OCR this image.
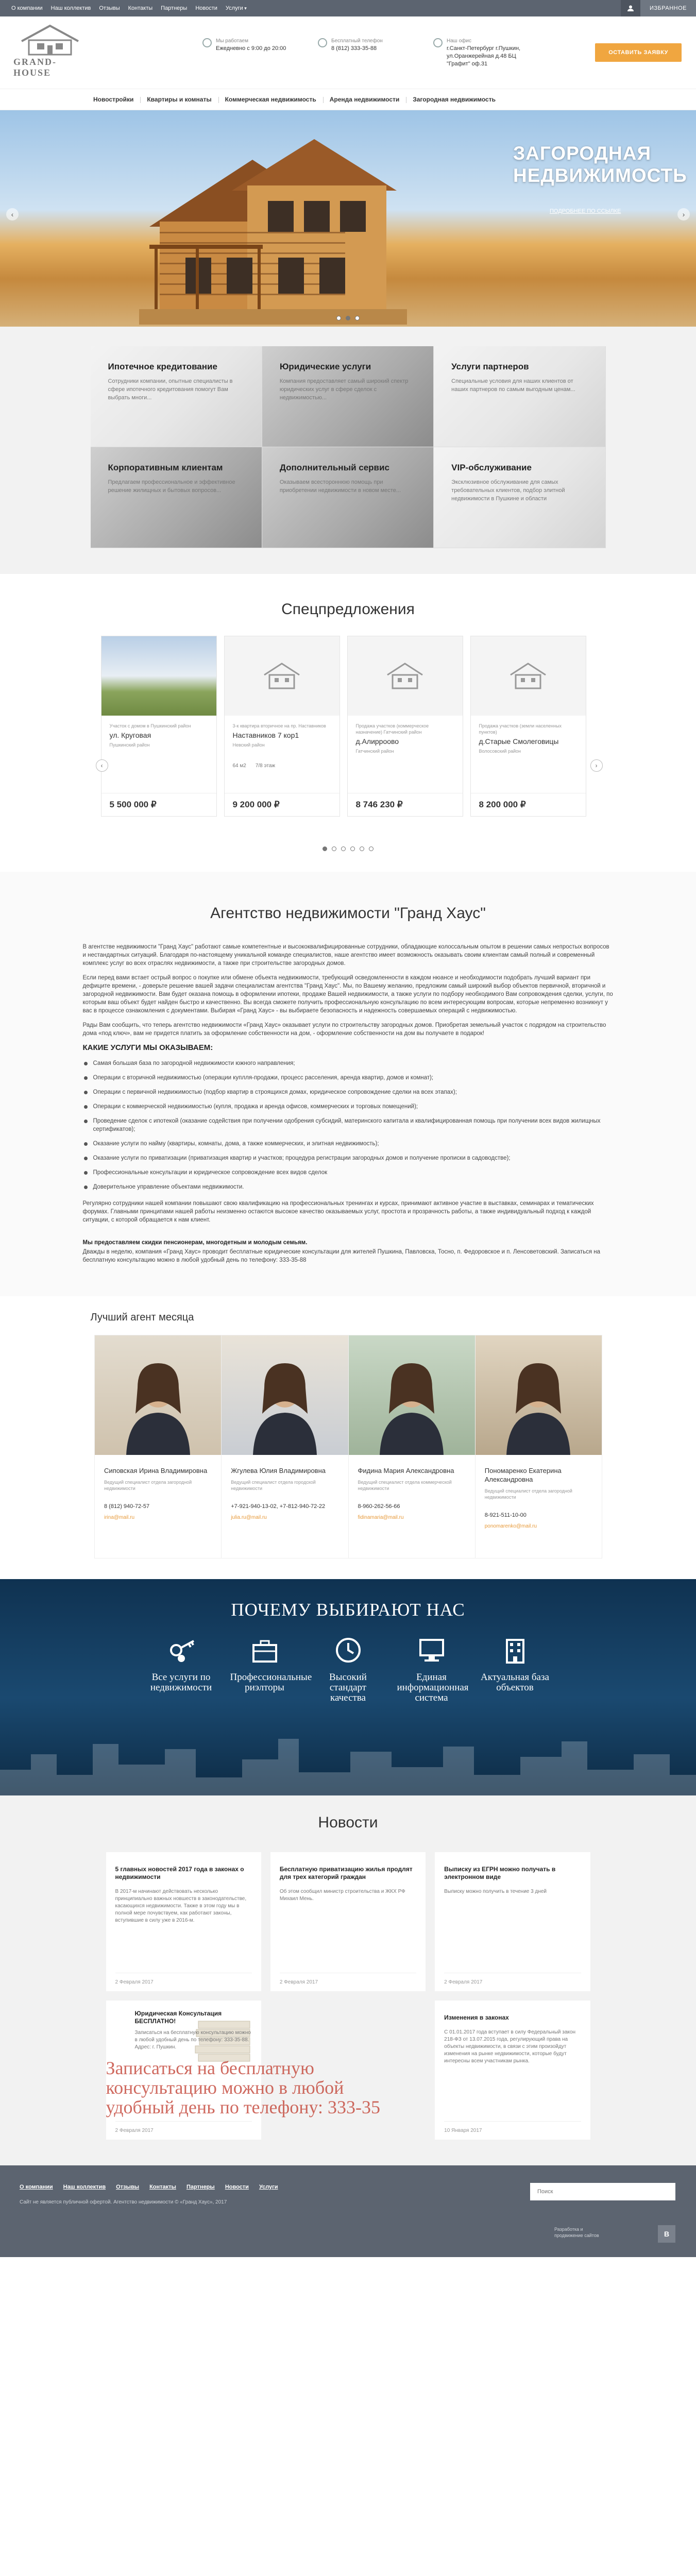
О компании	Наш коллектив	Отзывы	Контакты	Партнеры	Новости	Услуги ▾	ИЗБРАННОЕ
GRAND-HOUSE
Мы работаем
Ежедневно с 9:00 до 20:00
Бесплатный телефон
8 (812) 333-35-88
Наш офис
г.Санкт-Петербург г.Пушкин, ул.Оранжерейная д.48 БЦ "Графит" оф.31
ОСТАВИТЬ ЗАЯВКУ
Новостройки	Квартиры и комнаты	Коммерческая недвижимость	Аренда недвижимости	Загородная недвижимость
ЗАГОРОДНАЯ
НЕДВИЖИМОСТЬ
ПОДРОБНЕЕ ПО ССЫЛКЕ
‹	›
Ипотечное кредитование
Сотрудники компании, опытные специалисты в сфере ипотечного кредитования помогут Вам выбрать многи...
Юридические услуги
Компания предоставляет самый широкий спектр юридических услуг в сфере сделок с недвижимостью...
Услуги партнеров
Специальные условия для наших клиентов от наших партнеров по самым выгодным ценам...
Корпоративным клиентам
Предлагаем профессиональное и эффективное решение жилищных и бытовых вопросов...
Дополнительный сервис
Оказываем всестороннюю помощь при приобретении недвижимости в новом месте...
VIP-обслуживание
Эксклюзивное обслуживание для самых требовательных клиентов, подбор элитной недвижимости в Пушкине и области
Спецпредложения
Участок с домом в Пушкинский район
ул. Круговая
Пушкинский район
5 500 000 ₽
3-к квартира вторичное на пр. Наставников
Наставников 7 кор1
Невский район
64 м2 7/8 этаж
9 200 000 ₽
Продажа участков (коммерческое назначение) Гатчинский район
д.Алиpроово
Гатчинский район
8 746 230 ₽
Продажа участков (земли населенных пунктов)
д.Старые Смолеговицы
Волосовский район
8 200 000 ₽
‹	›
Агентство недвижимости "Гранд Хаус"

В агентстве недвижимости "Гранд Хаус" работают самые компетентные и высококвалифицированные сотрудники, обладающие колоссальным опытом в решении самых непростых вопросов и нестандартных ситуаций. Благодаря по-настоящему уникальной команде специалистов, наше агентство имеет возможность оказывать своим клиентам самый полный и современный комплекс услуг во всех отраслях недвижимости, а также при строительстве загородных домов.

Если перед вами встает острый вопрос о покупке или обмене объекта недвижимости, требующий осведомленности в каждом нюансе и необходимости подобрать лучший вариант при дефиците времени, - доверьте решение вашей задачи специалистам агентства "Гранд Хаус". Мы, по Вашему желанию, предложим самый широкий выбор объектов первичной, вторичной и загородной недвижимости. Вам будет оказана помощь в оформлении ипотеки, продаже Вашей недвижимости, а также услуги по подбору необходимого Вам сопровождения сделки, услуги, по которым ваш объект будет найден быстро и качественно. Вы всегда сможете получить профессиональную консультацию по всем интересующим вопросам, которые непременно возникнут у вас в процессе ознакомления с документами. Выбирая «Гранд Хаус» - вы выбираете безопасность и надежность совершаемых операций с недвижимостью.

Рады Вам сообщить, что теперь агентство недвижимости «Гранд Хаус» оказывает услуги по строительству загородных домов. Приобретая земельный участок с подрядом на строительство дома «под ключ», вам не придется платить за оформление собственности на дом, - оформление собственности на дом вы получаете в подарок!

КАКИЕ УСЛУГИ МЫ ОКАЗЫВАЕМ:
Самая большая база по загородной недвижимости южного направления;
Операции с вторичной недвижимостью (операции куплля-продажи, процесс расселения, аренда квартир, домов и комнат);
Операции с первичной недвижимостью (подбор квартир в строящихся домах, юридическое сопровождение сделки на всех этапах);
Операции с коммерческой недвижимостью (купля, продажа и аренда офисов, коммерческих и торговых помещений);
Проведение сделок с ипотекой (оказание содействия при получении одобрения субсидий, материнского капитала и квалифицированная помощь при получении всех видов жилищных сертификатов);
Оказание услуги по найму (квартиры, комнаты, дома, а также коммерческих, и элитная недвижимость);
Оказание услуги по приватизации (приватизация квартир и участков; процедура регистрации загородных домов и получение прописки в садоводстве);
Профессиональные консультации и юридическое сопровождение всех видов сделок
Доверительное управление объектами недвижимости.

Регулярно сотрудники нашей компании повышают свою квалификацию на профессиональных тренингах и курсах, принимают активное участие в выставках, семинарах и тематических форумах. Главными принципами нашей работы неизменно остаются высокое качество оказываемых услуг, простота и прозрачность работы, а также индивидуальный подход к каждой ситуации, с которой обращается к нам клиент.

Мы предоставляем скидки пенсионерам, многодетным и молодым семьям.

Дважды в неделю, компания «Гранд Хаус» проводит бесплатные юридические консультации для жителей Пушкина, Павловска, Тосно, п. Федоровское и п. Ленсоветовский. Записаться на бесплатную консультацию можно в любой удобный день по телефону: 333-35-88

Лучший агент месяца
Сиповская Ирина Владимировна
Ведущий специалист отдела загородной недвижимости
8 (812) 940-72-57
irina@mail.ru
Жгулева Юлия Владимировна
Ведущий специалист отдела городской недвижимости
+7-921-940-13-02, +7-812-940-72-22
julia.ru@mail.ru
Фидина Мария Александровна
Ведущий специалист отдела коммерческой недвижимости
8-960-262-56-66
fidinamaria@mail.ru
Пономаренко Екатерина Александровна
Ведущий специалист отдела загородной недвижимости
8-921-511-10-00
ponomarenko@mail.ru
ПОЧЕМУ ВЫБИРАЮТ НАС
Все услуги по недвижимости
Профессиональные риэлторы
Высокий стандарт качества
Единая информационная система
Актуальная база объектов
Новости
5 главных новостей 2017 года в законах о недвижимости
В 2017-м начинают действовать несколько принципиально важных новшеств в законодательстве, касающихся недвижимости. Также в этом году мы в полной мере почувствуем, как работают законы, вступившие в силу уже в 2016-м.
2 Февраля 2017
Бесплатную приватизацию жилья продлят для трех категорий граждан
Об этом сообщил министр строительства и ЖКХ РФ Михаил Мень.
2 Февраля 2017
Выписку из ЕГРН можно получать в электронном виде
Выписку можно получить в течение 3 дней
2 Февраля 2017
Юридическая Консультация БЕСПЛАТНО!
Записаться на бесплатную консультацию можно в любой удобный день по телефону: 333-35-88. Адрес: г. Пушкин.
Записаться на бесплатную
консультацию можно в любой
удобный день по телефону: 333-35
2 Февраля 2017
Изменения в законах
С 01.01.2017 года вступает в силу Федеральный закон 218-ФЗ от 13.07.2015 года, регулирующий права на объекты недвижимости, в связи с этим произойдут изменения на рынке недвижимости, которые будут интересны всем участникам рынка.
10 Января 2017
О компании Наш коллектив Отзывы Контакты Партнеры Новости Услуги
Сайт не является публичной офертой. Агентство недвижимости © «Гранд Хаус», 2017
Поиск
Разработка и продвижение сайтов	B
